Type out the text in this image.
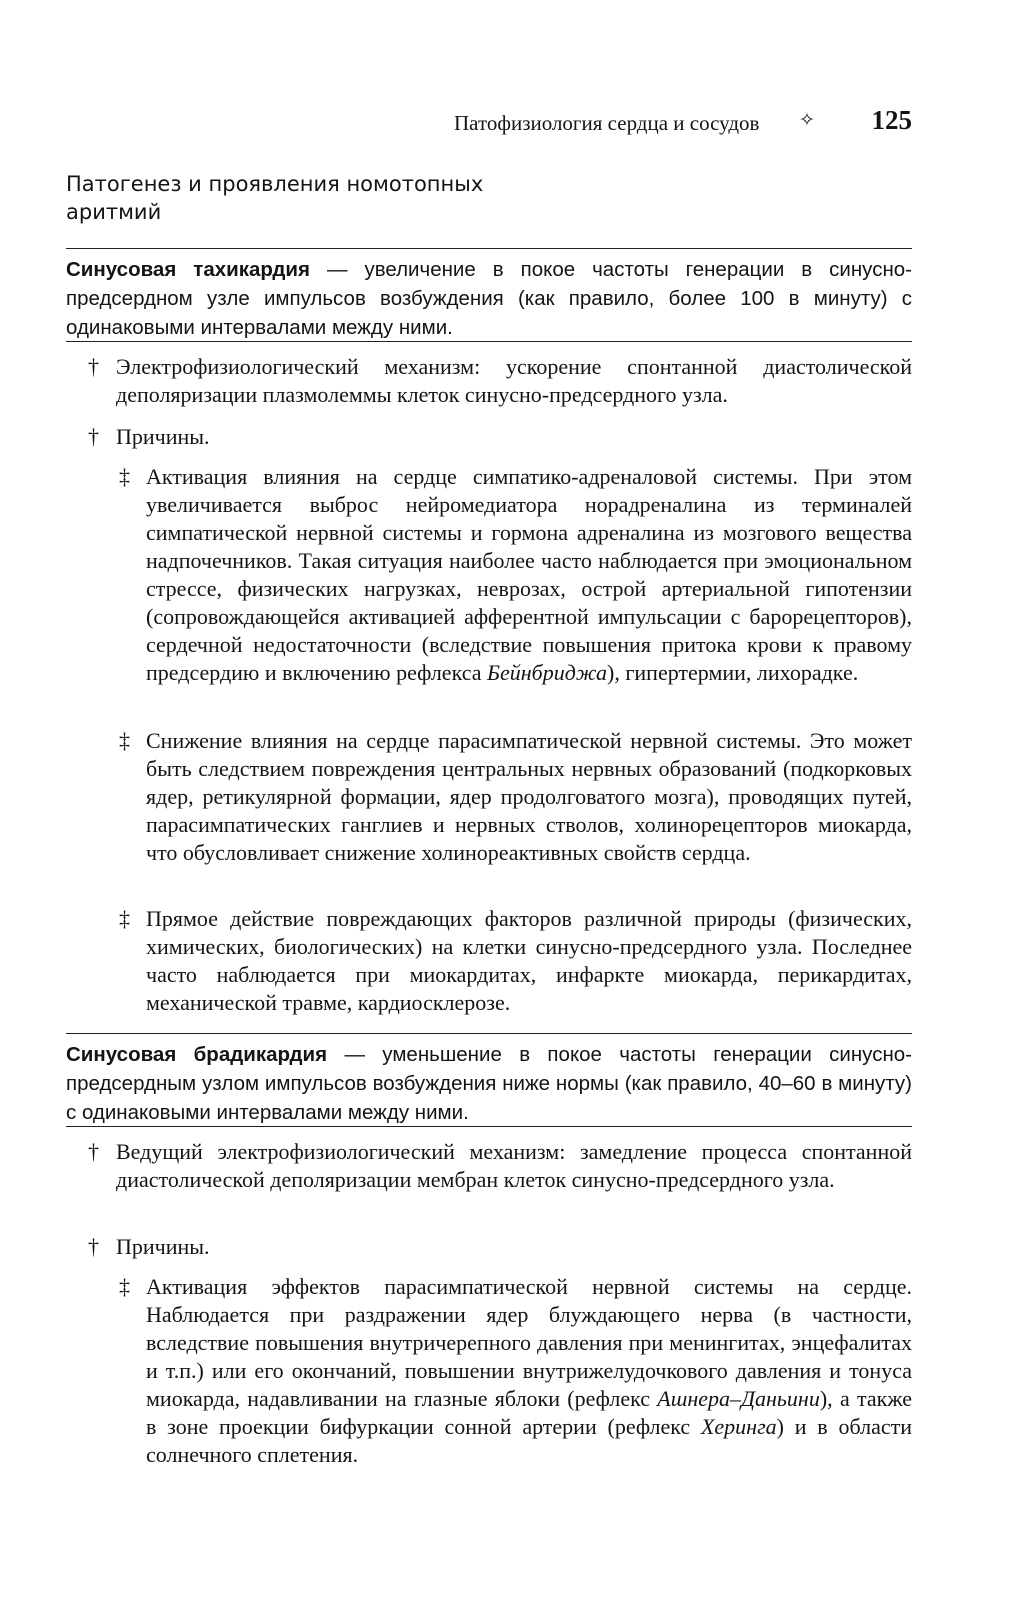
Патофизиология сердца и сосудов ✧ 125
Патогенез и проявления номотопных
аритмий
Синусовая тахикардия — увеличение в покое частоты генерации в синусно-предсердном узле импульсов возбуждения (как правило, более 100 в минуту) с одинаковыми интервалами между ними.
† Электрофизиологический механизм: ускорение спонтанной диастолической деполяризации плазмолеммы клеток синусно-предсердного узла.
† Причины.
‡ Активация влияния на сердце симпатико-адреналовой системы. При этом увеличивается выброс нейромедиатора норадреналина из терминалей симпатической нервной системы и гормона адреналина из мозгового вещества надпочечников. Такая ситуация наиболее часто наблюдается при эмоциональном стрессе, физических нагрузках, неврозах, острой артериальной гипотензии (сопровождающейся активацией афферентной импульсации с барорецепторов), сердечной недостаточности (вследствие повышения притока крови к правому предсердию и включению рефлекса Бейнбриджа), гипертермии, лихорадке.
‡ Снижение влияния на сердце парасимпатической нервной системы. Это может быть следствием повреждения центральных нервных образований (подкорковых ядер, ретикулярной формации, ядер продолговатого мозга), проводящих путей, парасимпатических ганглиев и нервных стволов, холинорецепторов миокарда, что обусловливает снижение холинореактивных свойств сердца.
‡ Прямое действие повреждающих факторов различной природы (физических, химических, биологических) на клетки синусно-предсердного узла. Последнее часто наблюдается при миокардитах, инфаркте миокарда, перикардитах, механической травме, кардиосклерозе.
Синусовая брадикардия — уменьшение в покое частоты генерации синусно-предсердным узлом импульсов возбуждения ниже нормы (как правило, 40–60 в минуту) с одинаковыми интервалами между ними.
† Ведущий электрофизиологический механизм: замедление процесса спонтанной диастолической деполяризации мембран клеток синусно-предсердного узла.
† Причины.
‡ Активация эффектов парасимпатической нервной системы на сердце. Наблюдается при раздражении ядер блуждающего нерва (в частности, вследствие повышения внутричерепного давления при менингитах, энцефалитах и т.п.) или его окончаний, повышении внутрижелудочкового давления и тонуса миокарда, надавливании на глазные яблоки (рефлекс Ашнера–Даньини), а также в зоне проекции бифуркации сонной артерии (рефлекс Херинга) и в области солнечного сплетения.
